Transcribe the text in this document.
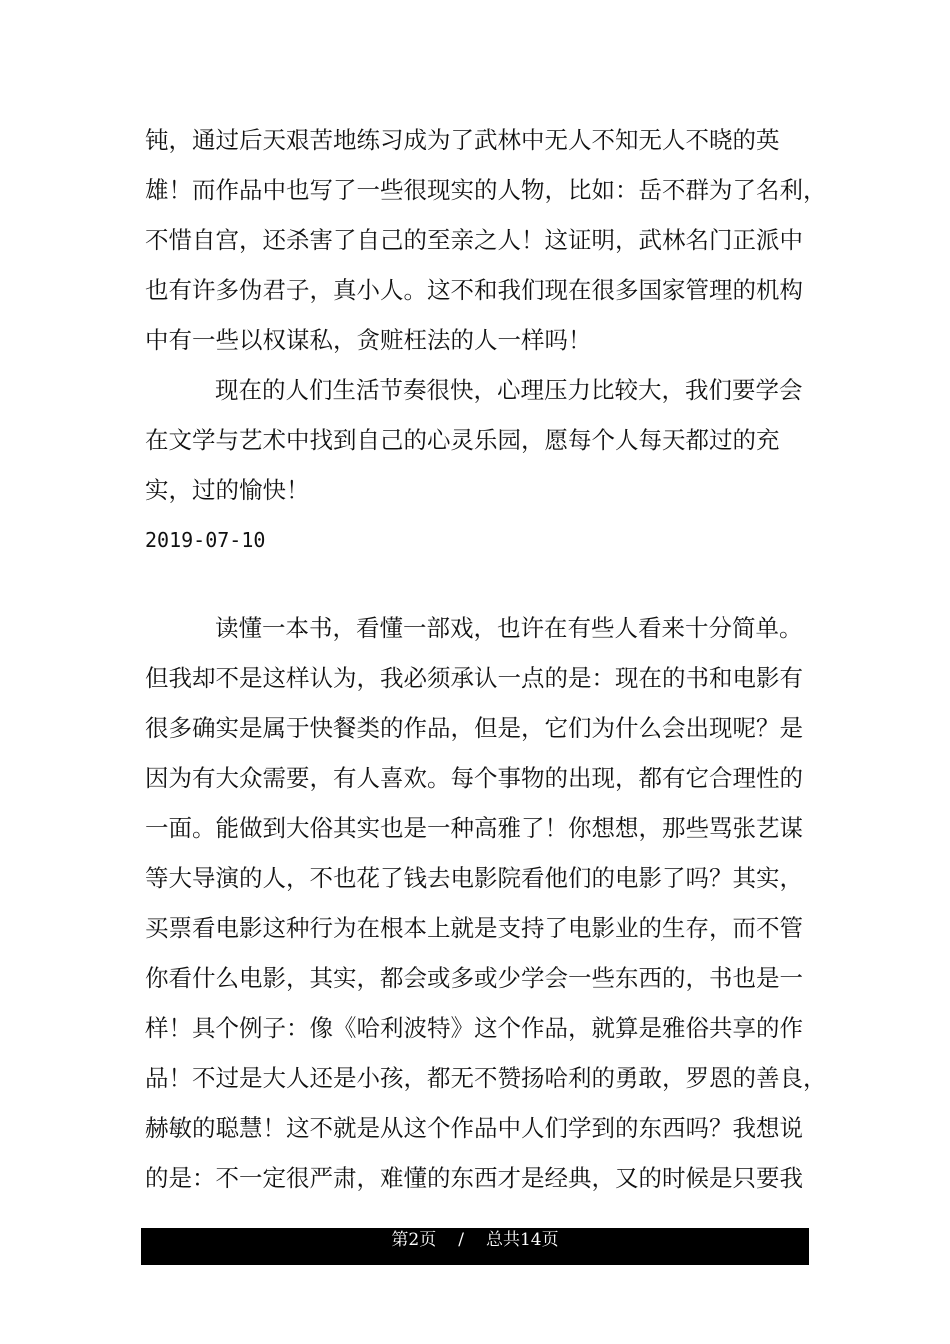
钝，通过后天艰苦地练习成为了武林中无人不知无人不晓的英
雄！而作品中也写了一些很现实的人物，比如：岳不群为了名利，
不惜自宫，还杀害了自己的至亲之人！这证明，武林名门正派中
也有许多伪君子，真小人。这不和我们现在很多国家管理的机构
中有一些以权谋私，贪赃枉法的人一样吗！
现在的人们生活节奏很快，心理压力比较大，我们要学会
在文学与艺术中找到自己的心灵乐园，愿每个人每天都过的充
实，过的愉快！
2019-07-10
读懂一本书，看懂一部戏，也许在有些人看来十分简单。
但我却不是这样认为，我必须承认一点的是：现在的书和电影有
很多确实是属于快餐类的作品，但是，它们为什么会出现呢？是
因为有大众需要，有人喜欢。每个事物的出现，都有它合理性的
一面。能做到大俗其实也是一种高雅了！你想想，那些骂张艺谋
等大导演的人，不也花了钱去电影院看他们的电影了吗？其实，
买票看电影这种行为在根本上就是支持了电影业的生存，而不管
你看什么电影，其实，都会或多或少学会一些东西的，书也是一
样！具个例子：像《哈利波特》这个作品，就算是雅俗共享的作
品！不过是大人还是小孩，都无不赞扬哈利的勇敢，罗恩的善良，
赫敏的聪慧！这不就是从这个作品中人们学到的东西吗？我想说
的是：不一定很严肃，难懂的东西才是经典，又的时候是只要我
第2页 / 总共14页
